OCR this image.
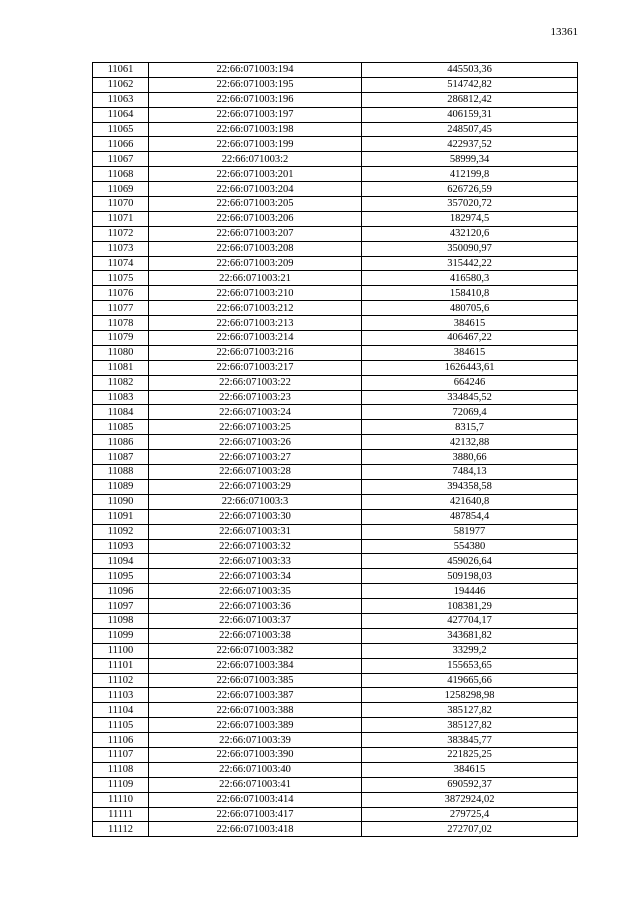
13361
11061	22:66:071003:194	445503,36
11062	22:66:071003:195	514742,82
11063	22:66:071003:196	286812,42
11064	22:66:071003:197	406159,31
11065	22:66:071003:198	248507,45
11066	22:66:071003:199	422937,52
11067	22:66:071003:2	58999,34
11068	22:66:071003:201	412199,8
11069	22:66:071003:204	626726,59
11070	22:66:071003:205	357020,72
11071	22:66:071003:206	182974,5
11072	22:66:071003:207	432120,6
11073	22:66:071003:208	350090,97
11074	22:66:071003:209	315442,22
11075	22:66:071003:21	416580,3
11076	22:66:071003:210	158410,8
11077	22:66:071003:212	480705,6
11078	22:66:071003:213	384615
11079	22:66:071003:214	406467,22
11080	22:66:071003:216	384615
11081	22:66:071003:217	1626443,61
11082	22:66:071003:22	664246
11083	22:66:071003:23	334845,52
11084	22:66:071003:24	72069,4
11085	22:66:071003:25	8315,7
11086	22:66:071003:26	42132,88
11087	22:66:071003:27	3880,66
11088	22:66:071003:28	7484,13
11089	22:66:071003:29	394358,58
11090	22:66:071003:3	421640,8
11091	22:66:071003:30	487854,4
11092	22:66:071003:31	581977
11093	22:66:071003:32	554380
11094	22:66:071003:33	459026,64
11095	22:66:071003:34	509198,03
11096	22:66:071003:35	194446
11097	22:66:071003:36	108381,29
11098	22:66:071003:37	427704,17
11099	22:66:071003:38	343681,82
11100	22:66:071003:382	33299,2
11101	22:66:071003:384	155653,65
11102	22:66:071003:385	419665,66
11103	22:66:071003:387	1258298,98
11104	22:66:071003:388	385127,82
11105	22:66:071003:389	385127,82
11106	22:66:071003:39	383845,77
11107	22:66:071003:390	221825,25
11108	22:66:071003:40	384615
11109	22:66:071003:41	690592,37
11110	22:66:071003:414	3872924,02
11111	22:66:071003:417	279725,4
11112	22:66:071003:418	272707,02
